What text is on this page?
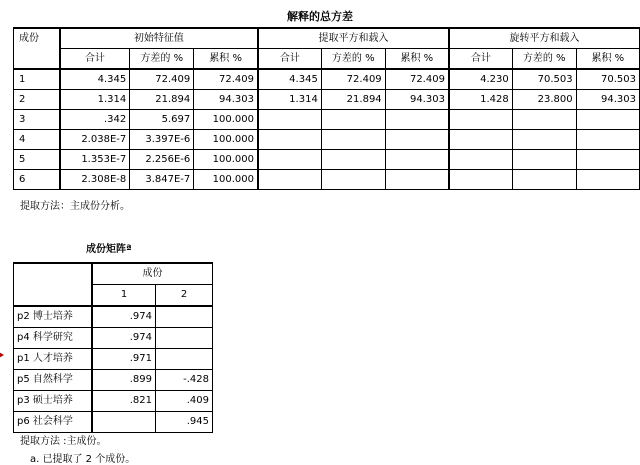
解释的总方差
成份	初始特征值			提取平方和载入			旋转平方和载入		
	合计	方差的 %	累积 %	合计	方差的 %	累积 %	合计	方差的 %	累积 %
1	4.345	72.409	72.409	4.345	72.409	72.409	4.230	70.503	70.503
2	1.314	21.894	94.303	1.314	21.894	94.303	1.428	23.800	94.303
3	.342	5.697	100.000						
4	2.038E-7	3.397E-6	100.000						
5	1.353E-7	2.256E-6	100.000						
6	2.308E-8	3.847E-7	100.000						
提取方法：主成份分析。
成份矩阵ª
	成份	
	1	2
p2 博士培养	.974	
p4 科学研究	.974	
p1 人才培养	.971	
p5 自然科学	.899	-.428
p3 硕士培养	.821	.409
p6 社会科学		.945
提取方法 :主成份。
a. 已提取了 2 个成份。
